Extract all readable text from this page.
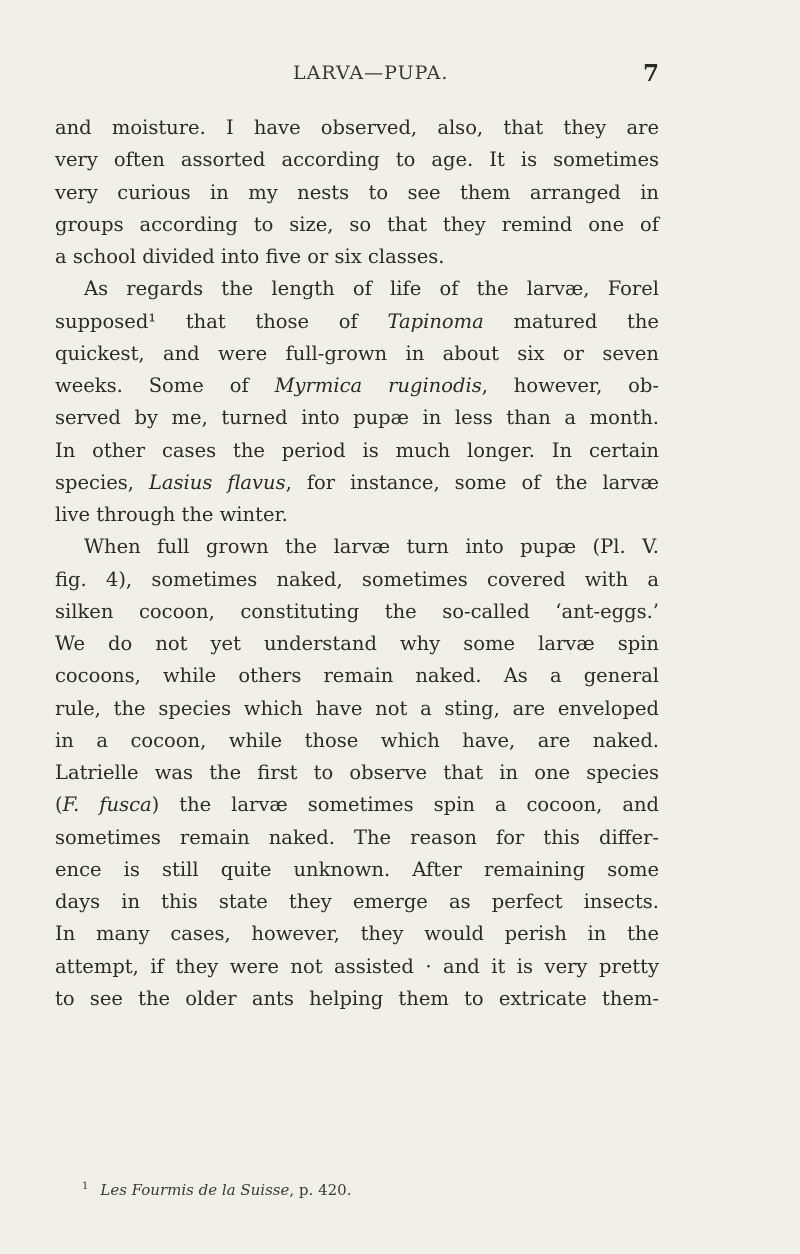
LARVA—PUPA.	7
and moisture. I have observed, also, that they are
very often assorted according to age. It is sometimes
very curious in my nests to see them arranged in
groups according to size, so that they remind one of
a school divided into five or six classes.
As regards the length of life of the larvæ, Forel
supposed¹ that those of Tapinoma matured the
quickest, and were full-grown in about six or seven
weeks. Some of Myrmica ruginodis, however, ob-
served by me, turned into pupæ in less than a month.
In other cases the period is much longer. In certain
species, Lasius flavus, for instance, some of the larvæ
live through the winter.
When full grown the larvæ turn into pupæ (Pl. V.
fig. 4), sometimes naked, sometimes covered with a
silken cocoon, constituting the so-called ‘ant-eggs.’
We do not yet understand why some larvæ spin
cocoons, while others remain naked. As a general
rule, the species which have not a sting, are enveloped
in a cocoon, while those which have, are naked.
Latrielle was the first to observe that in one species
(F. fusca) the larvæ sometimes spin a cocoon, and
sometimes remain naked. The reason for this differ-
ence is still quite unknown. After remaining some
days in this state they emerge as perfect insects.
In many cases, however, they would perish in the
attempt, if they were not assisted · and it is very pretty
to see the older ants helping them to extricate them-
$^1$ Les Fourmis de la Suisse, p. 420.
